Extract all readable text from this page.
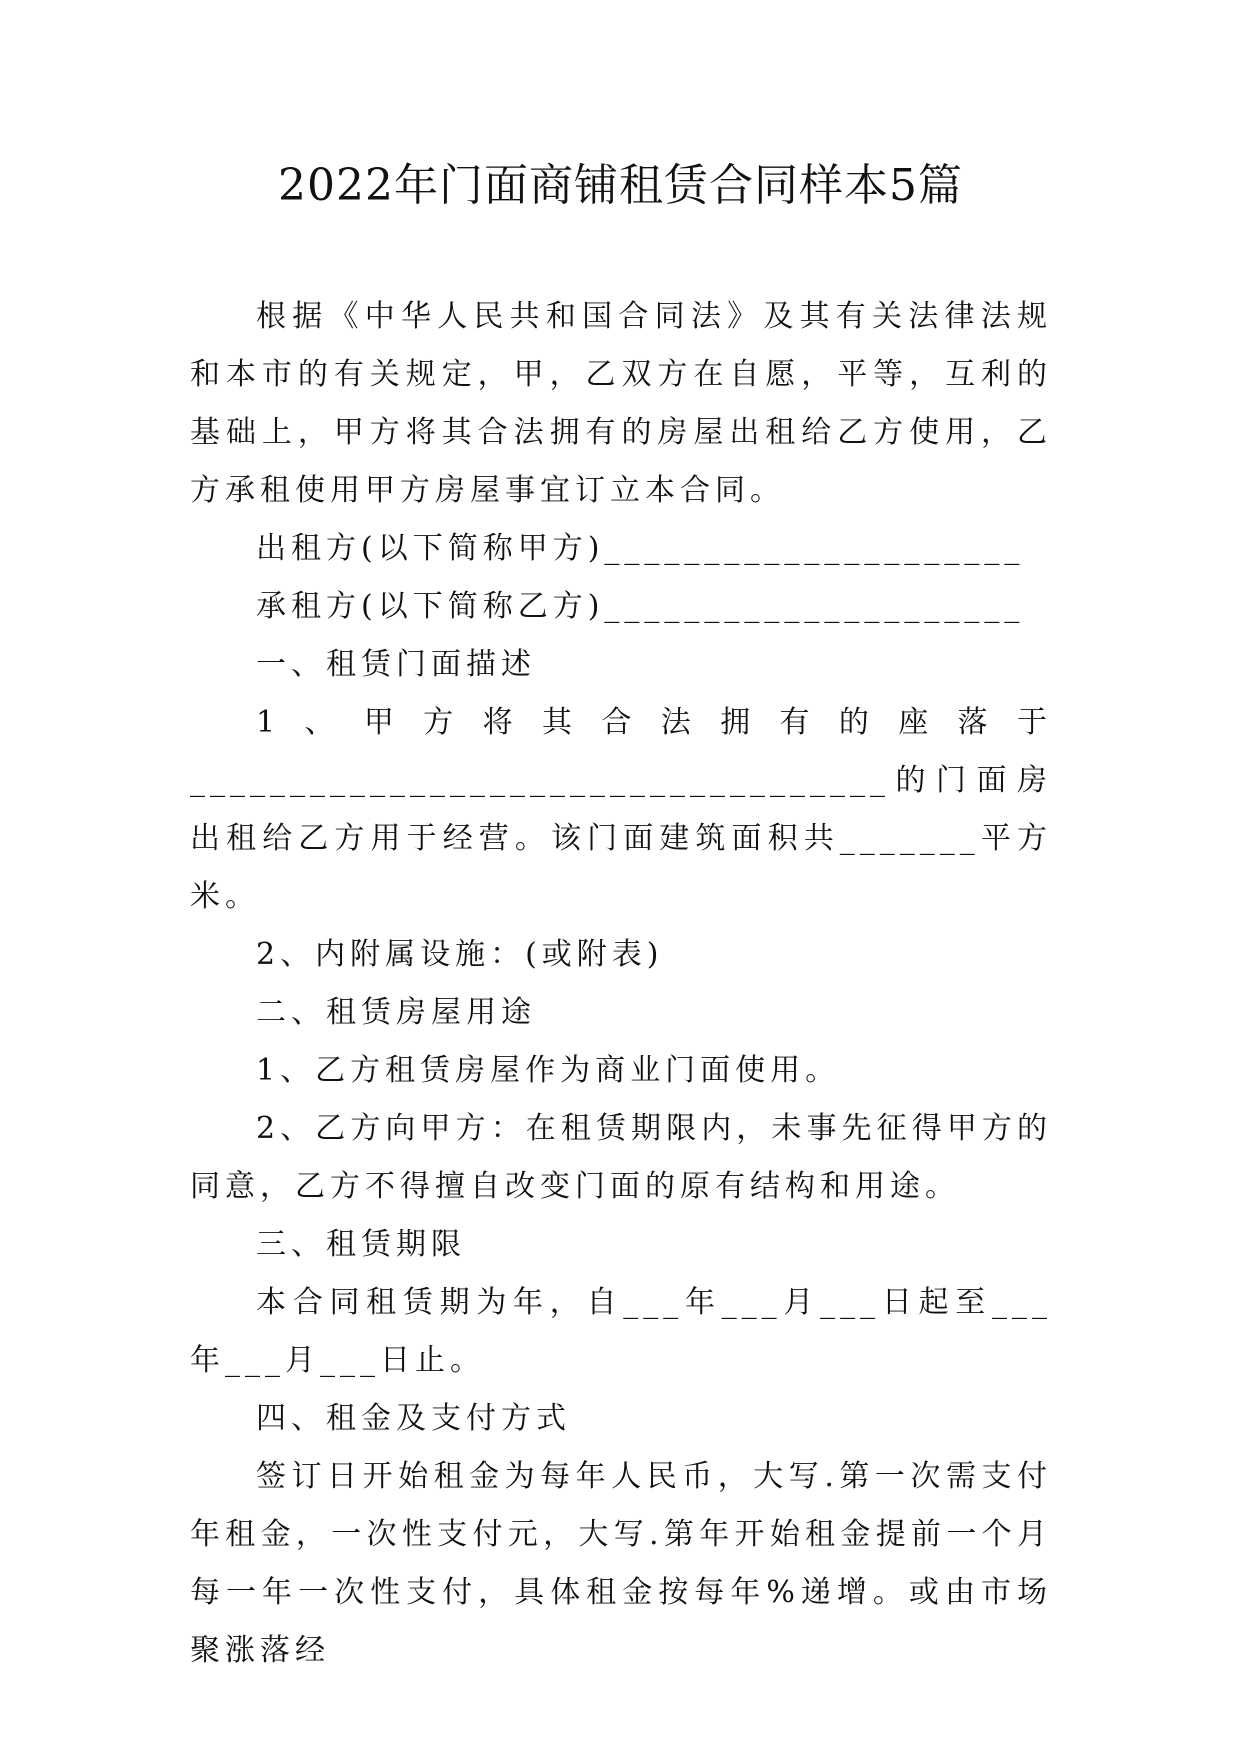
2022年门面商铺租赁合同样本5篇

根据《中华人民共和国合同法》及其有关法律法规和本市的有关规定，甲，乙双方在自愿，平等，互利的基础上，甲方将其合法拥有的房屋出租给乙方使用，乙方承租使用甲方房屋事宜订立本合同。

出租方(以下简称甲方)_____________________

承租方(以下简称乙方)_____________________

一、租赁门面描述

1、甲方将其合法拥有的座落于

___________________________________的门面房出租给乙方用于经营。该门面建筑面积共_______平方米。

2、内附属设施：(或附表)

二、租赁房屋用途

1、乙方租赁房屋作为商业门面使用。

2、乙方向甲方：在租赁期限内，未事先征得甲方的同意，乙方不得擅自改变门面的原有结构和用途。

三、租赁期限

本合同租赁期为年，自___年___月___日起至___年___月___日止。

四、租金及支付方式

签订日开始租金为每年人民币，大写.第一次需支付年租金，一次性支付元，大写.第年开始租金提前一个月每一年一次性支付，具体租金按每年%递增。或由市场聚涨落经
